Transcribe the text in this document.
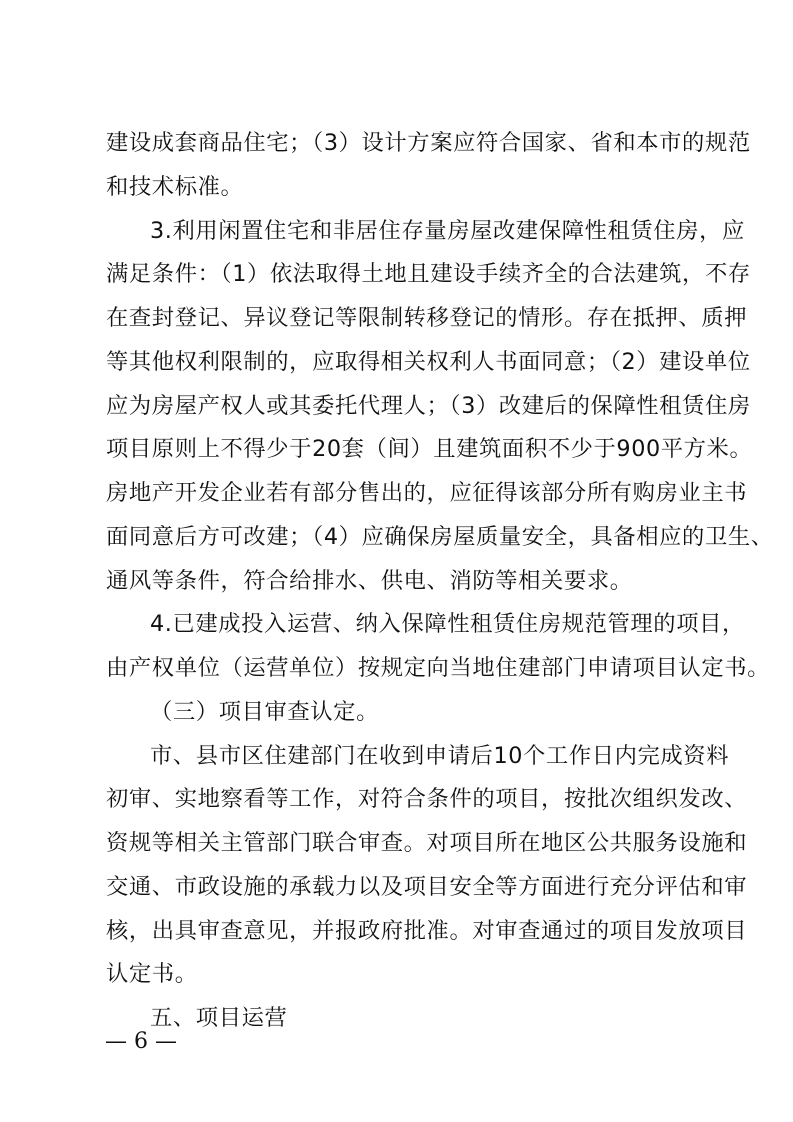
建设成套商品住宅；（3）设计方案应符合国家、省和本市的规范
和技术标准。
3.利用闲置住宅和非居住存量房屋改建保障性租赁住房，应
满足条件：（1）依法取得土地且建设手续齐全的合法建筑，不存
在查封登记、异议登记等限制转移登记的情形。存在抵押、质押
等其他权利限制的，应取得相关权利人书面同意；（2）建设单位
应为房屋产权人或其委托代理人；（3）改建后的保障性租赁住房
项目原则上不得少于20套（间）且建筑面积不少于900平方米。
房地产开发企业若有部分售出的，应征得该部分所有购房业主书
面同意后方可改建；（4）应确保房屋质量安全，具备相应的卫生、
通风等条件，符合给排水、供电、消防等相关要求。
4.已建成投入运营、纳入保障性租赁住房规范管理的项目，
由产权单位（运营单位）按规定向当地住建部门申请项目认定书。
（三）项目审查认定。
市、县市区住建部门在收到申请后10个工作日内完成资料
初审、实地察看等工作，对符合条件的项目，按批次组织发改、
资规等相关主管部门联合审查。对项目所在地区公共服务设施和
交通、市政设施的承载力以及项目安全等方面进行充分评估和审
核，出具审查意见，并报政府批准。对审查通过的项目发放项目
认定书。
五、项目运营
— 6 —
